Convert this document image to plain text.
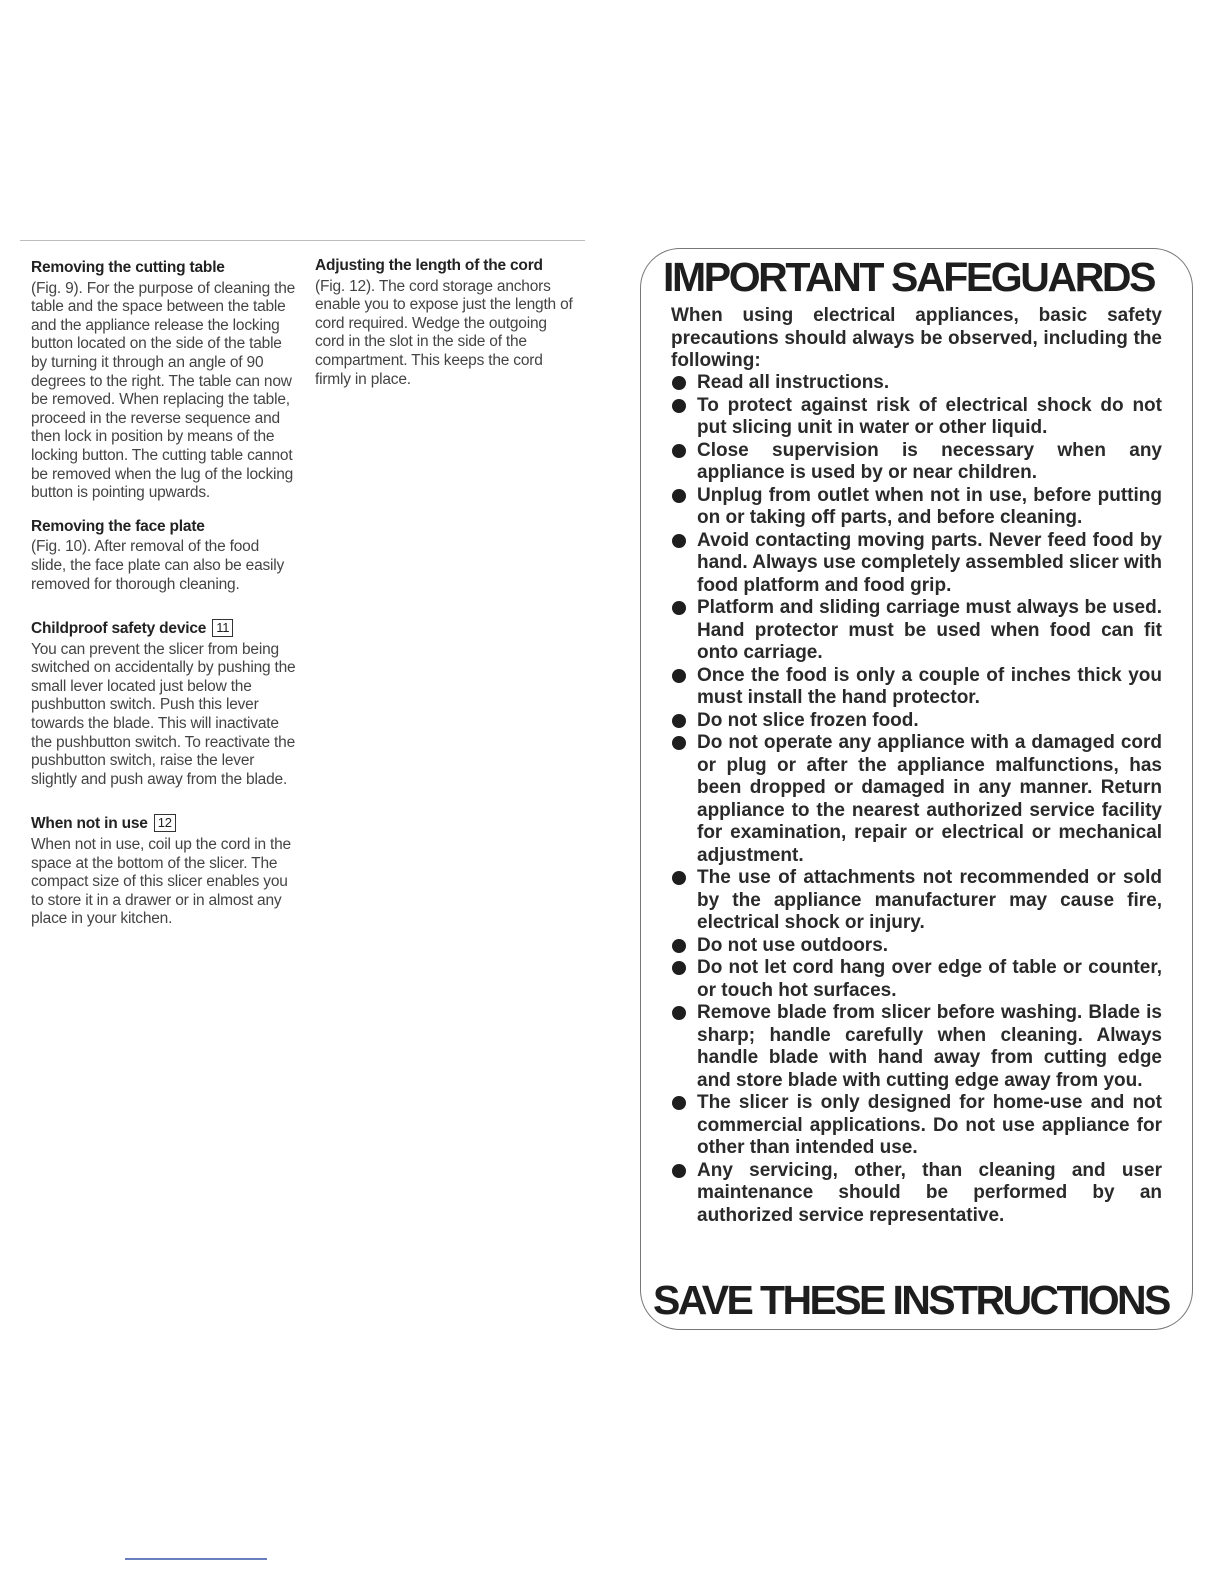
Removing the cutting table
(Fig. 9). For the purpose of cleaning the table and the space between the table and the appliance release the locking button located on the side of the table by turning it through an angle of 90 degrees to the right. The table can now be removed. When replacing the table, proceed in the reverse sequence and then lock in position by means of the locking button. The cutting table cannot be removed when the lug of the locking button is pointing upwards.
Removing the face plate
(Fig. 10). After removal of the food slide, the face plate can also be easily removed for thorough cleaning.
Childproof safety device 11
You can prevent the slicer from being switched on accidentally by pushing the small lever located just below the pushbutton switch. Push this lever towards the blade. This will inactivate the pushbutton switch. To reactivate the pushbutton switch, raise the lever slightly and push away from the blade.
When not in use 12
When not in use, coil up the cord in the space at the bottom of the slicer. The compact size of this slicer enables you to store it in a drawer or in almost any place in your kitchen.
Adjusting the length of the cord
(Fig. 12). The cord storage anchors enable you to expose just the length of cord required. Wedge the outgoing cord in the slot in the side of the compartment. This keeps the cord firmly in place.
IMPORTANT SAFEGUARDS
When using electrical appliances, basic safety precautions should always be observed, including the following:
Read all instructions.
To protect against risk of electrical shock do not put slicing unit in water or other liquid.
Close supervision is necessary when any appliance is used by or near children.
Unplug from outlet when not in use, before putting on or taking off parts, and before cleaning.
Avoid contacting moving parts. Never feed food by hand. Always use completely assembled slicer with food platform and food grip.
Platform and sliding carriage must always be used. Hand protector must be used when food can fit onto carriage.
Once the food is only a couple of inches thick you must install the hand protector.
Do not slice frozen food.
Do not operate any appliance with a damaged cord or plug or after the appliance malfunctions, has been dropped or damaged in any manner. Return appliance to the nearest authorized service facility for examination, repair or electrical or mechanical adjustment.
The use of attachments not recommended or sold by the appliance manufacturer may cause fire, electrical shock or injury.
Do not use outdoors.
Do not let cord hang over edge of table or counter, or touch hot surfaces.
Remove blade from slicer before washing. Blade is sharp; handle carefully when cleaning. Always handle blade with hand away from cutting edge and store blade with cutting edge away from you.
The slicer is only designed for home-use and not commercial applications. Do not use appliance for other than intended use.
Any servicing, other, than cleaning and user maintenance should be performed by an authorized service representative.
SAVE THESE INSTRUCTIONS
